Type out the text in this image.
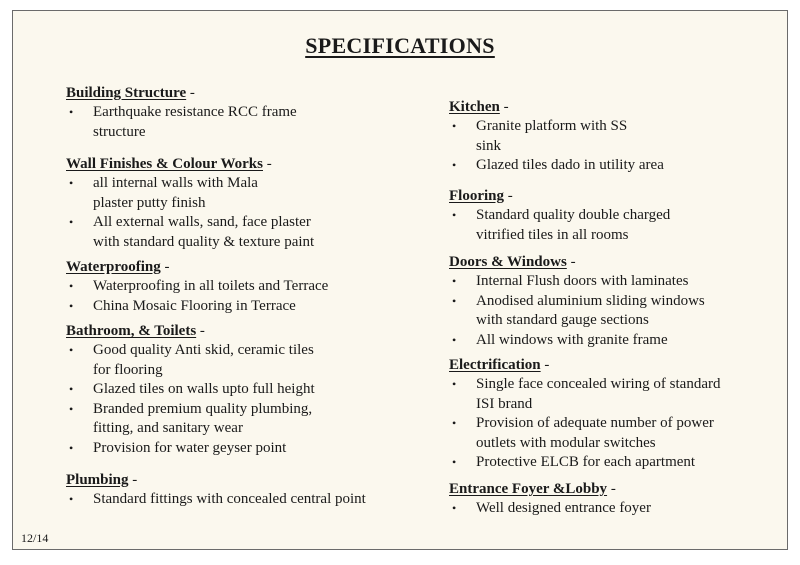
SPECIFICATIONS
Building Structure -
• Earthquake resistance RCC frame
structure
Wall Finishes & Colour Works -
• all internal walls with Mala
plaster putty finish
• All external walls, sand, face plaster
with standard quality & texture paint
Waterproofing -
• Waterproofing in all toilets and Terrace
• China Mosaic Flooring in Terrace
Bathroom, & Toilets -
• Good quality Anti skid, ceramic tiles
for flooring
• Glazed tiles on walls upto full height
• Branded premium quality plumbing,
fitting, and sanitary wear
• Provision for water geyser point
Plumbing -
• Standard fittings with concealed central point
Kitchen -
• Granite platform with SS
sink
• Glazed tiles dado in utility area
Flooring -
• Standard quality double charged
vitrified tiles in all rooms
Doors & Windows -
• Internal Flush doors with laminates
• Anodised aluminium sliding windows
with standard gauge sections
• All windows with granite frame
Electrification -
• Single face concealed wiring of standard
ISI brand
• Provision of adequate number of power
outlets with modular switches
• Protective ELCB for each apartment
Entrance Foyer &Lobby -
• Well designed entrance foyer
12/14
